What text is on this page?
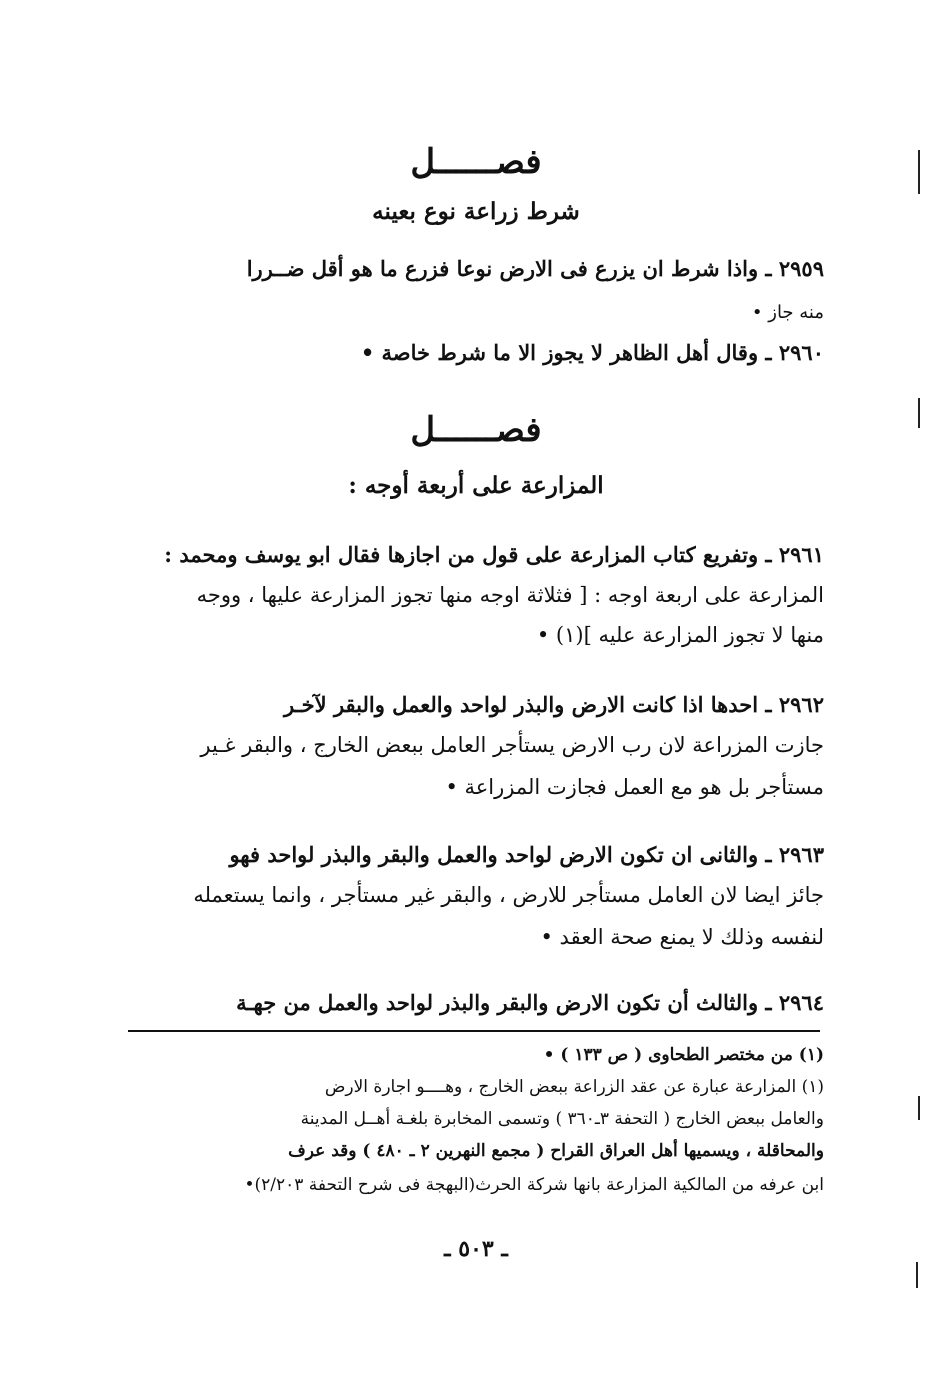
فصــــــل
شرط زراعة نوع بعينه
٢٩٥٩ ـ واذا شرط ان يزرع فى الارض نوعا فزرع ما هو أقل ضــررا
منه جاز •
٢٩٦٠ ـ وقال أهل الظاهر لا يجوز الا ما شرط خاصة •
فصــــــل
المزارعة على أربعة أوجه :
٢٩٦١ ـ وتفريع كتاب المزارعة على قول من اجازها فقال ابو يوسف ومحمد :
المزارعة على اربعة اوجه : [ فثلاثة اوجه منها تجوز المزارعة عليها ، ووجه
منها لا تجوز المزارعة عليه ](١) •
٢٩٦٢ ـ احدها اذا كانت الارض والبذر لواحد والعمل والبقر لآخـر
جازت المزراعة لان رب الارض يستأجر العامل ببعض الخارج ، والبقر غـير
مستأجر بل هو مع العمل فجازت المزراعة •
٢٩٦٣ ـ والثانى ان تكون الارض لواحد والعمل والبقر والبذر لواحد فهو
جائز ايضا لان العامل مستأجر للارض ، والبقر غير مستأجر ، وانما يستعمله
لنفسه وذلك لا يمنع صحة العقد •
٢٩٦٤ ـ والثالث أن تكون الارض والبقر والبذر لواحد والعمل من جهـة
(١) من مختصر الطحاوى ( ص ١٣٣ ) •
(١) المزارعة عبارة عن عقد الزراعة ببعض الخارج ، وهــــو اجارة الارض
والعامل ببعض الخارج ( التحفة ٣ـ٣٦٠ ) وتسمى المخابرة بلغـة أهــل المدينة
والمحاقلة ، ويسميها أهل العراق القراح ( مجمع النهرين ٢ ـ ٤٨٠ ) وقد عرف
ابن عرفه من المالكية المزارعة بانها شركة الحرث(البهجة فى شرح التحفة ٢/٢٠٣)•
ـ ٥٠٣ ـ
